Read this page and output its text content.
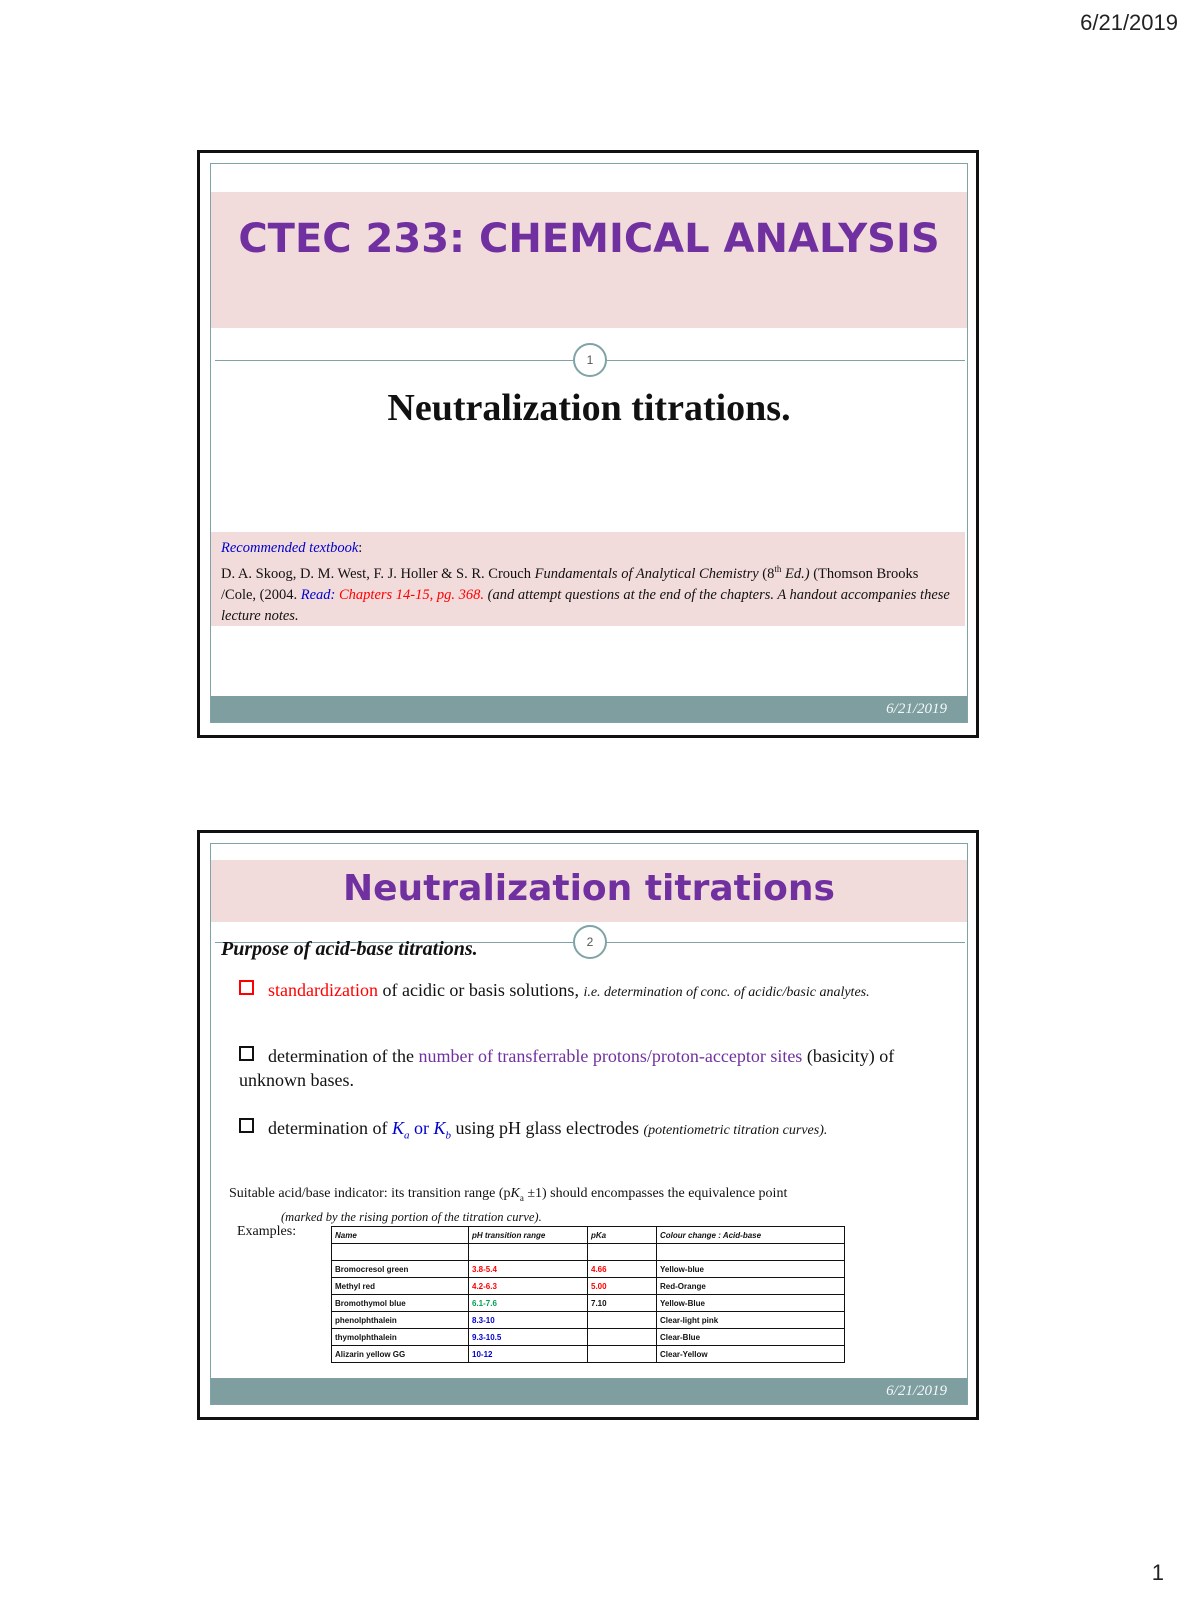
6/21/2019
CTEC 233: CHEMICAL ANALYSIS
1
Neutralization titrations.
Recommended textbook:
D. A. Skoog, D. M. West, F. J. Holler & S. R. Crouch Fundamentals of Analytical Chemistry (8th Ed.) (Thomson Brooks /Cole, (2004. Read: Chapters 14-15, pg. 368. (and attempt questions at the end of the chapters. A handout accompanies these lecture notes.
6/21/2019
Neutralization titrations
2
Purpose of acid-base titrations.
standardization of acidic or basis solutions, i.e. determination of conc. of acidic/basic analytes.
determination of the number of transferrable protons/proton-acceptor sites (basicity) of unknown bases.
determination of $K_a$ or $K_b$ using pH glass electrodes (potentiometric titration curves).
Suitable acid/base indicator: its transition range $(pK_a \pm 1)$ should encompasses the equivalence point
(marked by the rising portion of the titration curve).
Examples:	Name	pH transition range	pKa	Colour change : Acid-base

Bromocresol green	3.8-5.4	4.66	Yellow-blue
Methyl red	4.2-6.3	5.00	Red-Orange
Bromothymol blue	6.1-7.6	7.10	Yellow-Blue
phenolphthalein	8.3-10		Clear-light pink
thymolphthalein	9.3-10.5		Clear-Blue
Alizarin yellow GG	10-12		Clear-Yellow
6/21/2019
1
